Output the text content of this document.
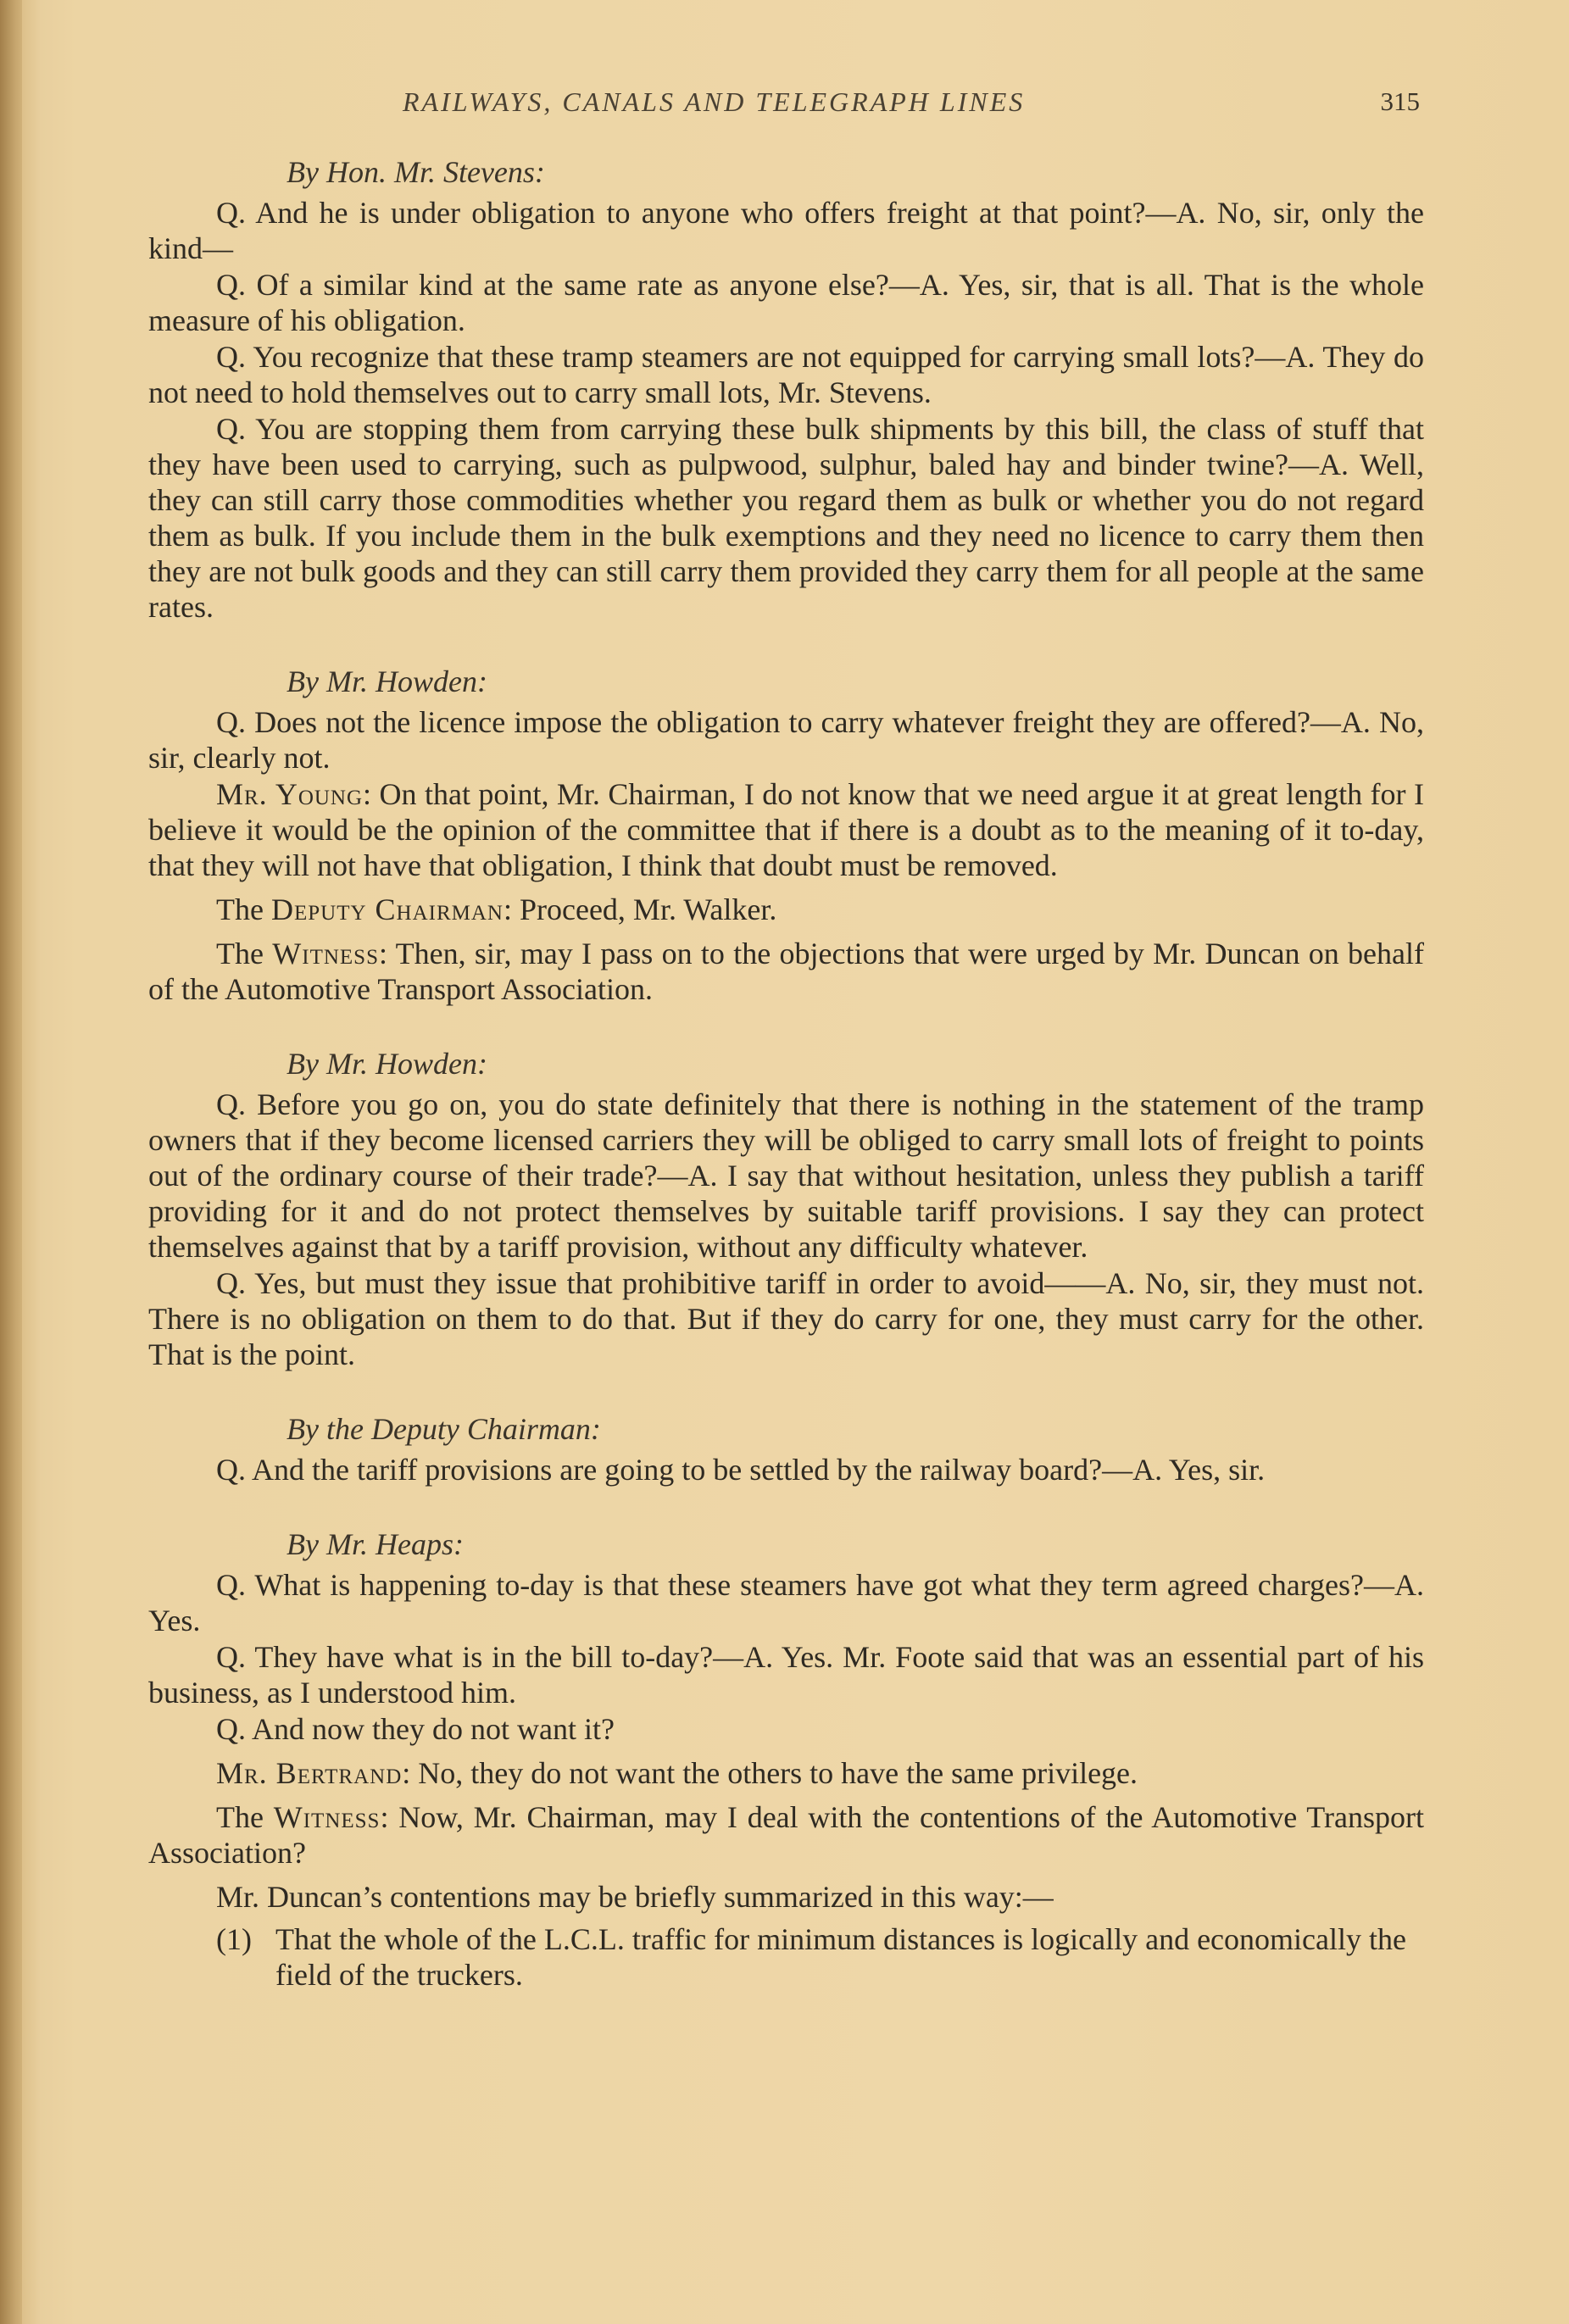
RAILWAYS, CANALS AND TELEGRAPH LINES	315
By Hon. Mr. Stevens:

Q. And he is under obligation to anyone who offers freight at that point?—A. No, sir, only the kind—

Q. Of a similar kind at the same rate as anyone else?—A. Yes, sir, that is all. That is the whole measure of his obligation.

Q. You recognize that these tramp steamers are not equipped for carrying small lots?—A. They do not need to hold themselves out to carry small lots, Mr. Stevens.

Q. You are stopping them from carrying these bulk shipments by this bill, the class of stuff that they have been used to carrying, such as pulpwood, sulphur, baled hay and binder twine?—A. Well, they can still carry those commodities whether you regard them as bulk or whether you do not regard them as bulk. If you include them in the bulk exemptions and they need no licence to carry them then they are not bulk goods and they can still carry them provided they carry them for all people at the same rates.

By Mr. Howden:

Q. Does not the licence impose the obligation to carry whatever freight they are offered?—A. No, sir, clearly not.

Mr. Young: On that point, Mr. Chairman, I do not know that we need argue it at great length for I believe it would be the opinion of the committee that if there is a doubt as to the meaning of it to-day, that they will not have that obligation, I think that doubt must be removed.

The Deputy Chairman: Proceed, Mr. Walker.

The Witness: Then, sir, may I pass on to the objections that were urged by Mr. Duncan on behalf of the Automotive Transport Association.

By Mr. Howden:

Q. Before you go on, you do state definitely that there is nothing in the statement of the tramp owners that if they become licensed carriers they will be obliged to carry small lots of freight to points out of the ordinary course of their trade?—A. I say that without hesitation, unless they publish a tariff providing for it and do not protect themselves by suitable tariff provisions. I say they can protect themselves against that by a tariff provision, without any difficulty whatever.

Q. Yes, but must they issue that prohibitive tariff in order to avoid——A. No, sir, they must not. There is no obligation on them to do that. But if they do carry for one, they must carry for the other. That is the point.

By the Deputy Chairman:

Q. And the tariff provisions are going to be settled by the railway board?—A. Yes, sir.

By Mr. Heaps:

Q. What is happening to-day is that these steamers have got what they term agreed charges?—A. Yes.

Q. They have what is in the bill to-day?—A. Yes. Mr. Foote said that was an essential part of his business, as I understood him.

Q. And now they do not want it?

Mr. Bertrand: No, they do not want the others to have the same privilege.

The Witness: Now, Mr. Chairman, may I deal with the contentions of the Automotive Transport Association?

Mr. Duncan’s contentions may be briefly summarized in this way:—

(1) That the whole of the L.C.L. traffic for minimum distances is logically and economically the field of the truckers.
